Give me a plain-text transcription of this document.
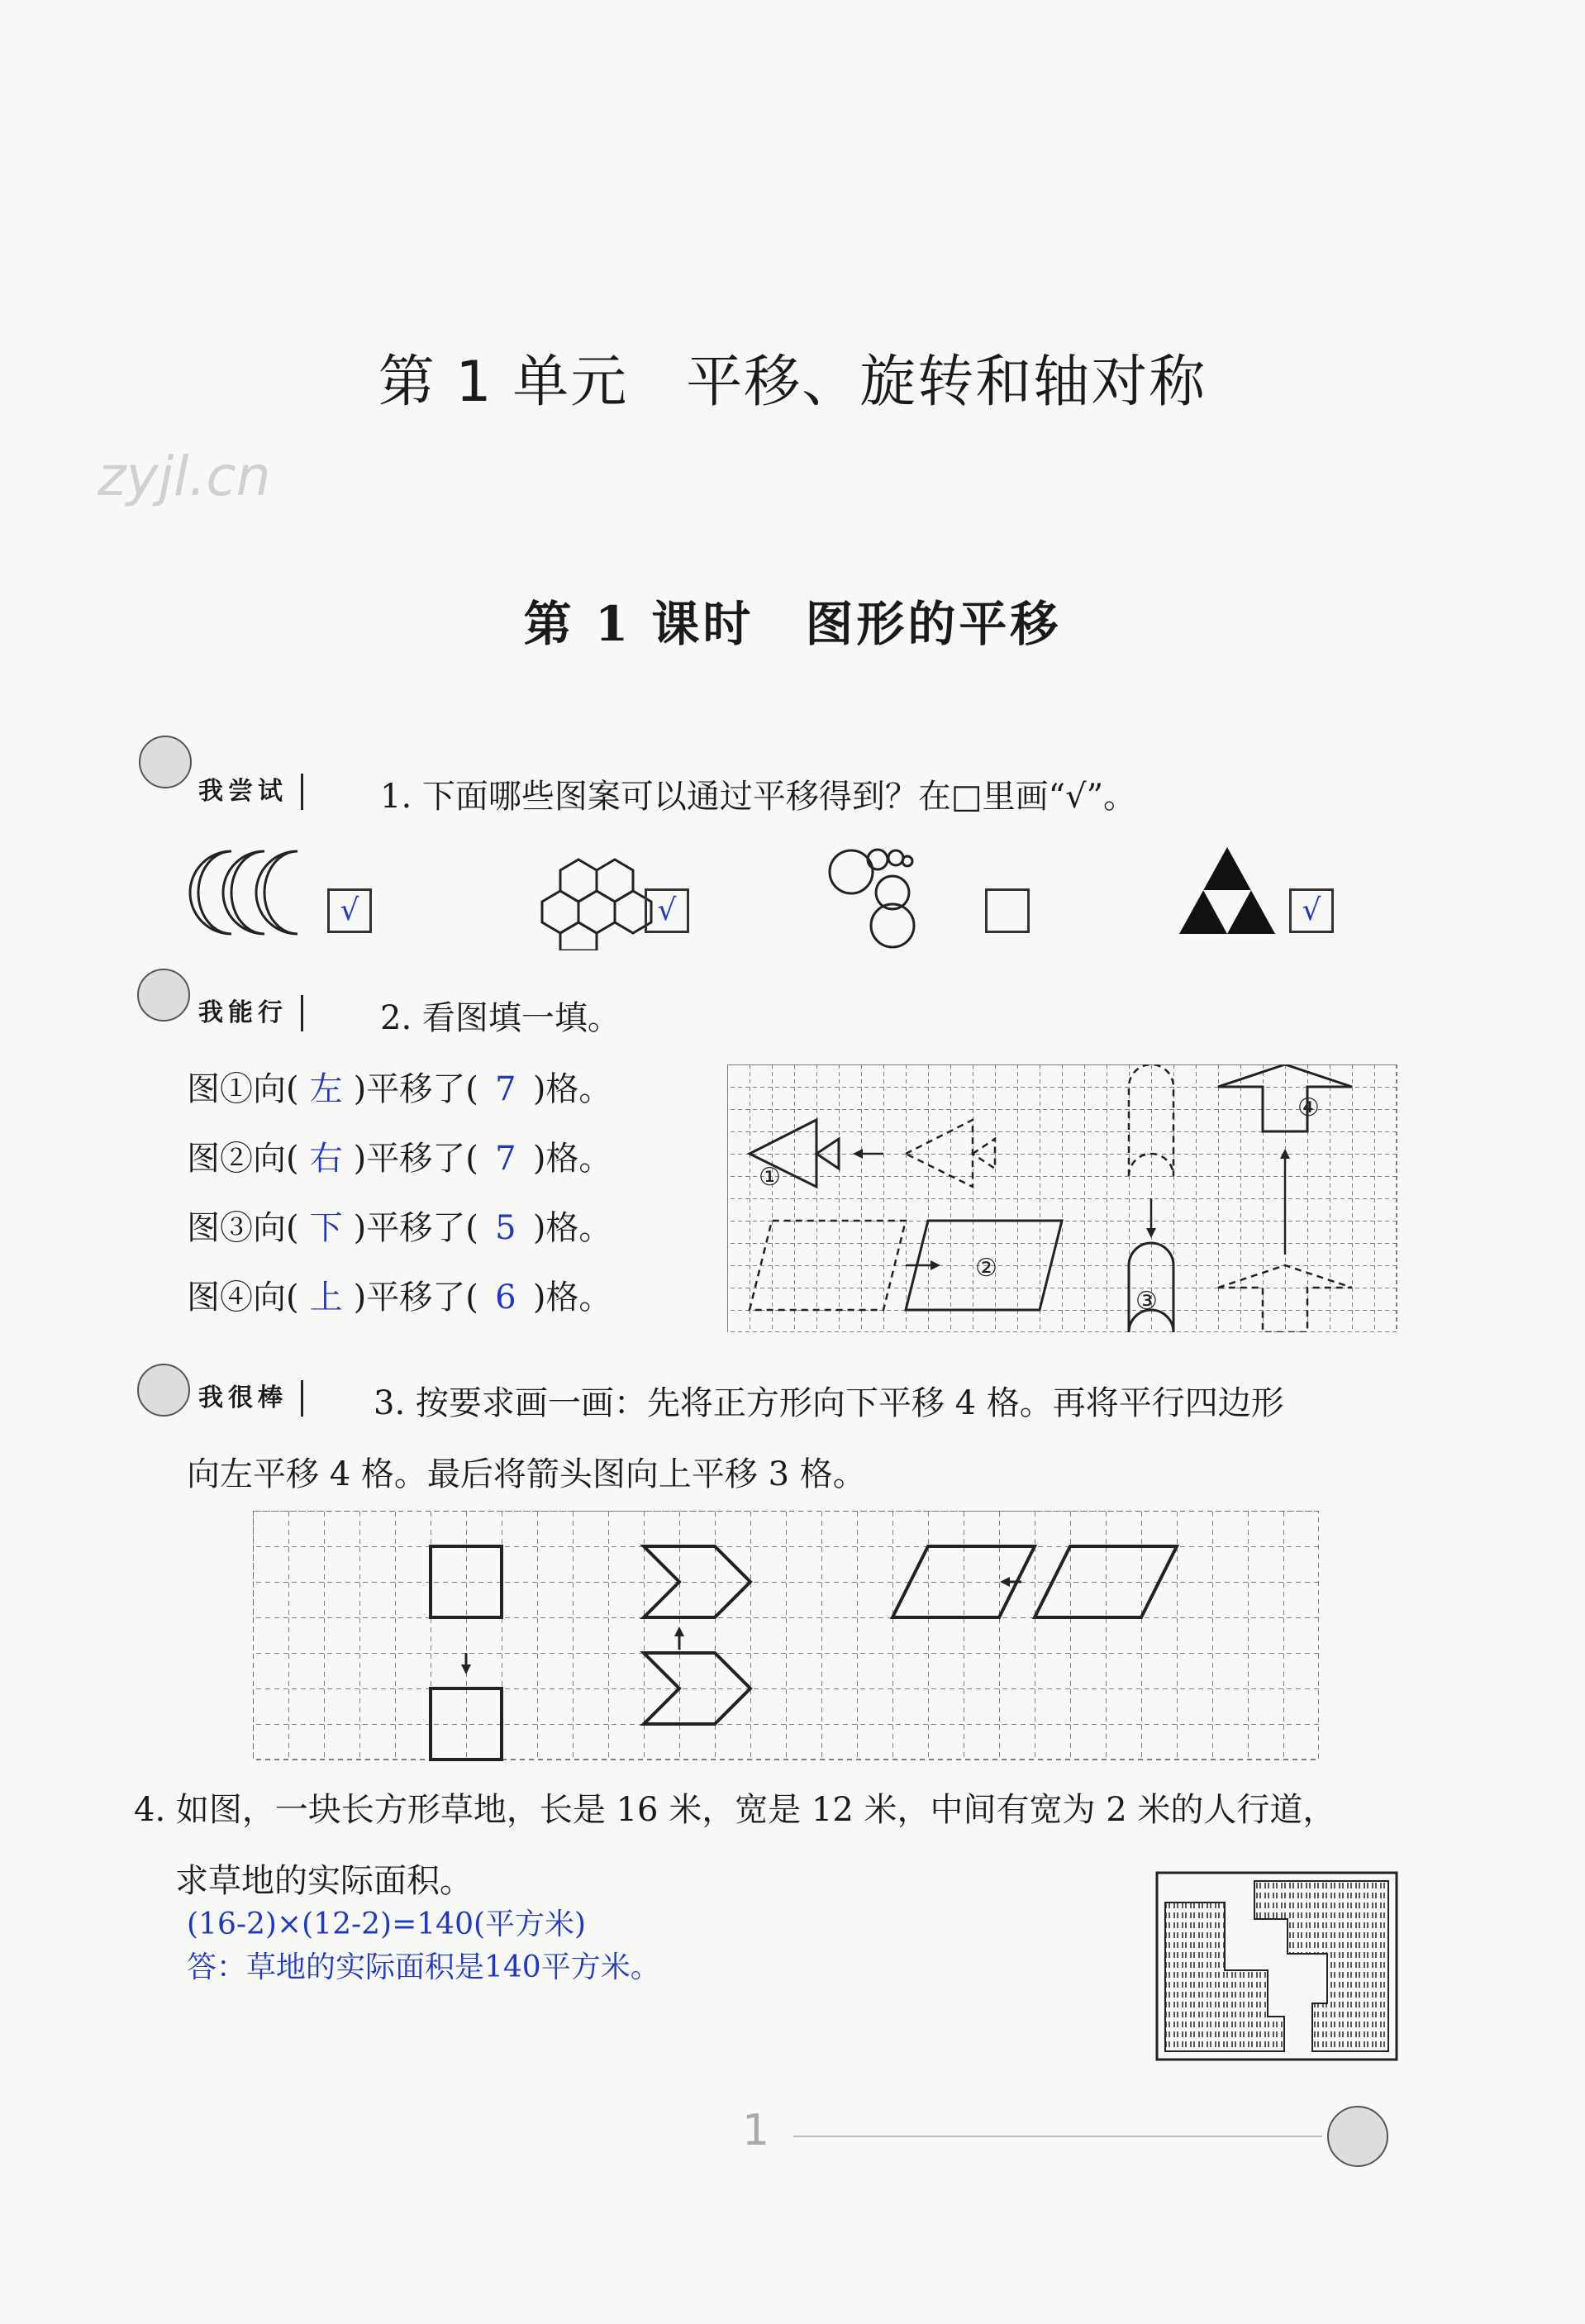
第 1 单元　平移、旋转和轴对称
zyjl.cn
第 1 课时　图形的平移
我尝试	1. 下面哪些图案可以通过平移得到？在□里画“√”。
√	√	√
我能行	2. 看图填一填。
图①向( 左 )平移了( 7 )格。
图②向( 右 )平移了( 7 )格。
图③向( 下 )平移了( 5 )格。
图④向( 上 )平移了( 6 )格。
①
②
③
④
我很棒	3. 按要求画一画：先将正方形向下平移 4 格。再将平行四边形
向左平移 4 格。最后将箭头图向上平移 3 格。
4. 如图，一块长方形草地，长是 16 米，宽是 12 米，中间有宽为 2 米的人行道，
求草地的实际面积。
(16-2)×(12-2)=140(平方米)
答：草地的实际面积是140平方米。
1
